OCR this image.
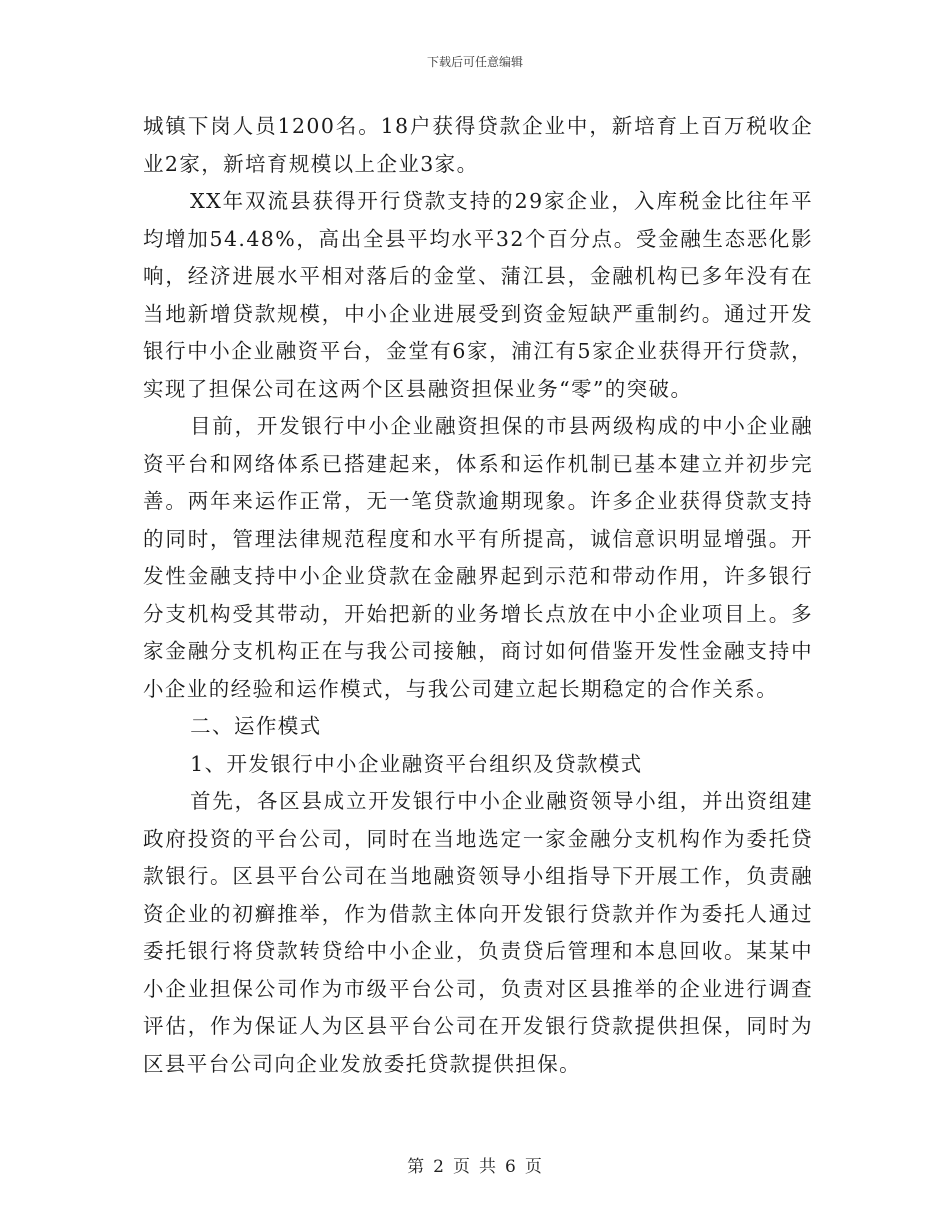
下载后可任意编辑

城镇下岗人员1200名。18户获得贷款企业中，新培育上百万税收企业2家，新培育规模以上企业3家。

XX年双流县获得开行贷款支持的29家企业，入库税金比往年平均增加54.48%，高出全县平均水平32个百分点。受金融生态恶化影响，经济进展水平相对落后的金堂、蒲江县，金融机构已多年没有在当地新增贷款规模，中小企业进展受到资金短缺严重制约。通过开发银行中小企业融资平台，金堂有6家，浦江有5家企业获得开行贷款，实现了担保公司在这两个区县融资担保业务“零”的突破。

目前，开发银行中小企业融资担保的市县两级构成的中小企业融资平台和网络体系已搭建起来，体系和运作机制已基本建立并初步完善。两年来运作正常，无一笔贷款逾期现象。许多企业获得贷款支持的同时，管理法律规范程度和水平有所提高，诚信意识明显增强。开发性金融支持中小企业贷款在金融界起到示范和带动作用，许多银行分支机构受其带动，开始把新的业务增长点放在中小企业项目上。多家金融分支机构正在与我公司接触，商讨如何借鉴开发性金融支持中小企业的经验和运作模式，与我公司建立起长期稳定的合作关系。

二、运作模式

1、开发银行中小企业融资平台组织及贷款模式

首先，各区县成立开发银行中小企业融资领导小组，并出资组建政府投资的平台公司，同时在当地选定一家金融分支机构作为委托贷款银行。区县平台公司在当地融资领导小组指导下开展工作，负责融资企业的初癣推举，作为借款主体向开发银行贷款并作为委托人通过委托银行将贷款转贷给中小企业，负责贷后管理和本息回收。某某中小企业担保公司作为市级平台公司，负责对区县推举的企业进行调查评估，作为保证人为区县平台公司在开发银行贷款提供担保，同时为区县平台公司向企业发放委托贷款提供担保。

第 2 页 共 6 页
